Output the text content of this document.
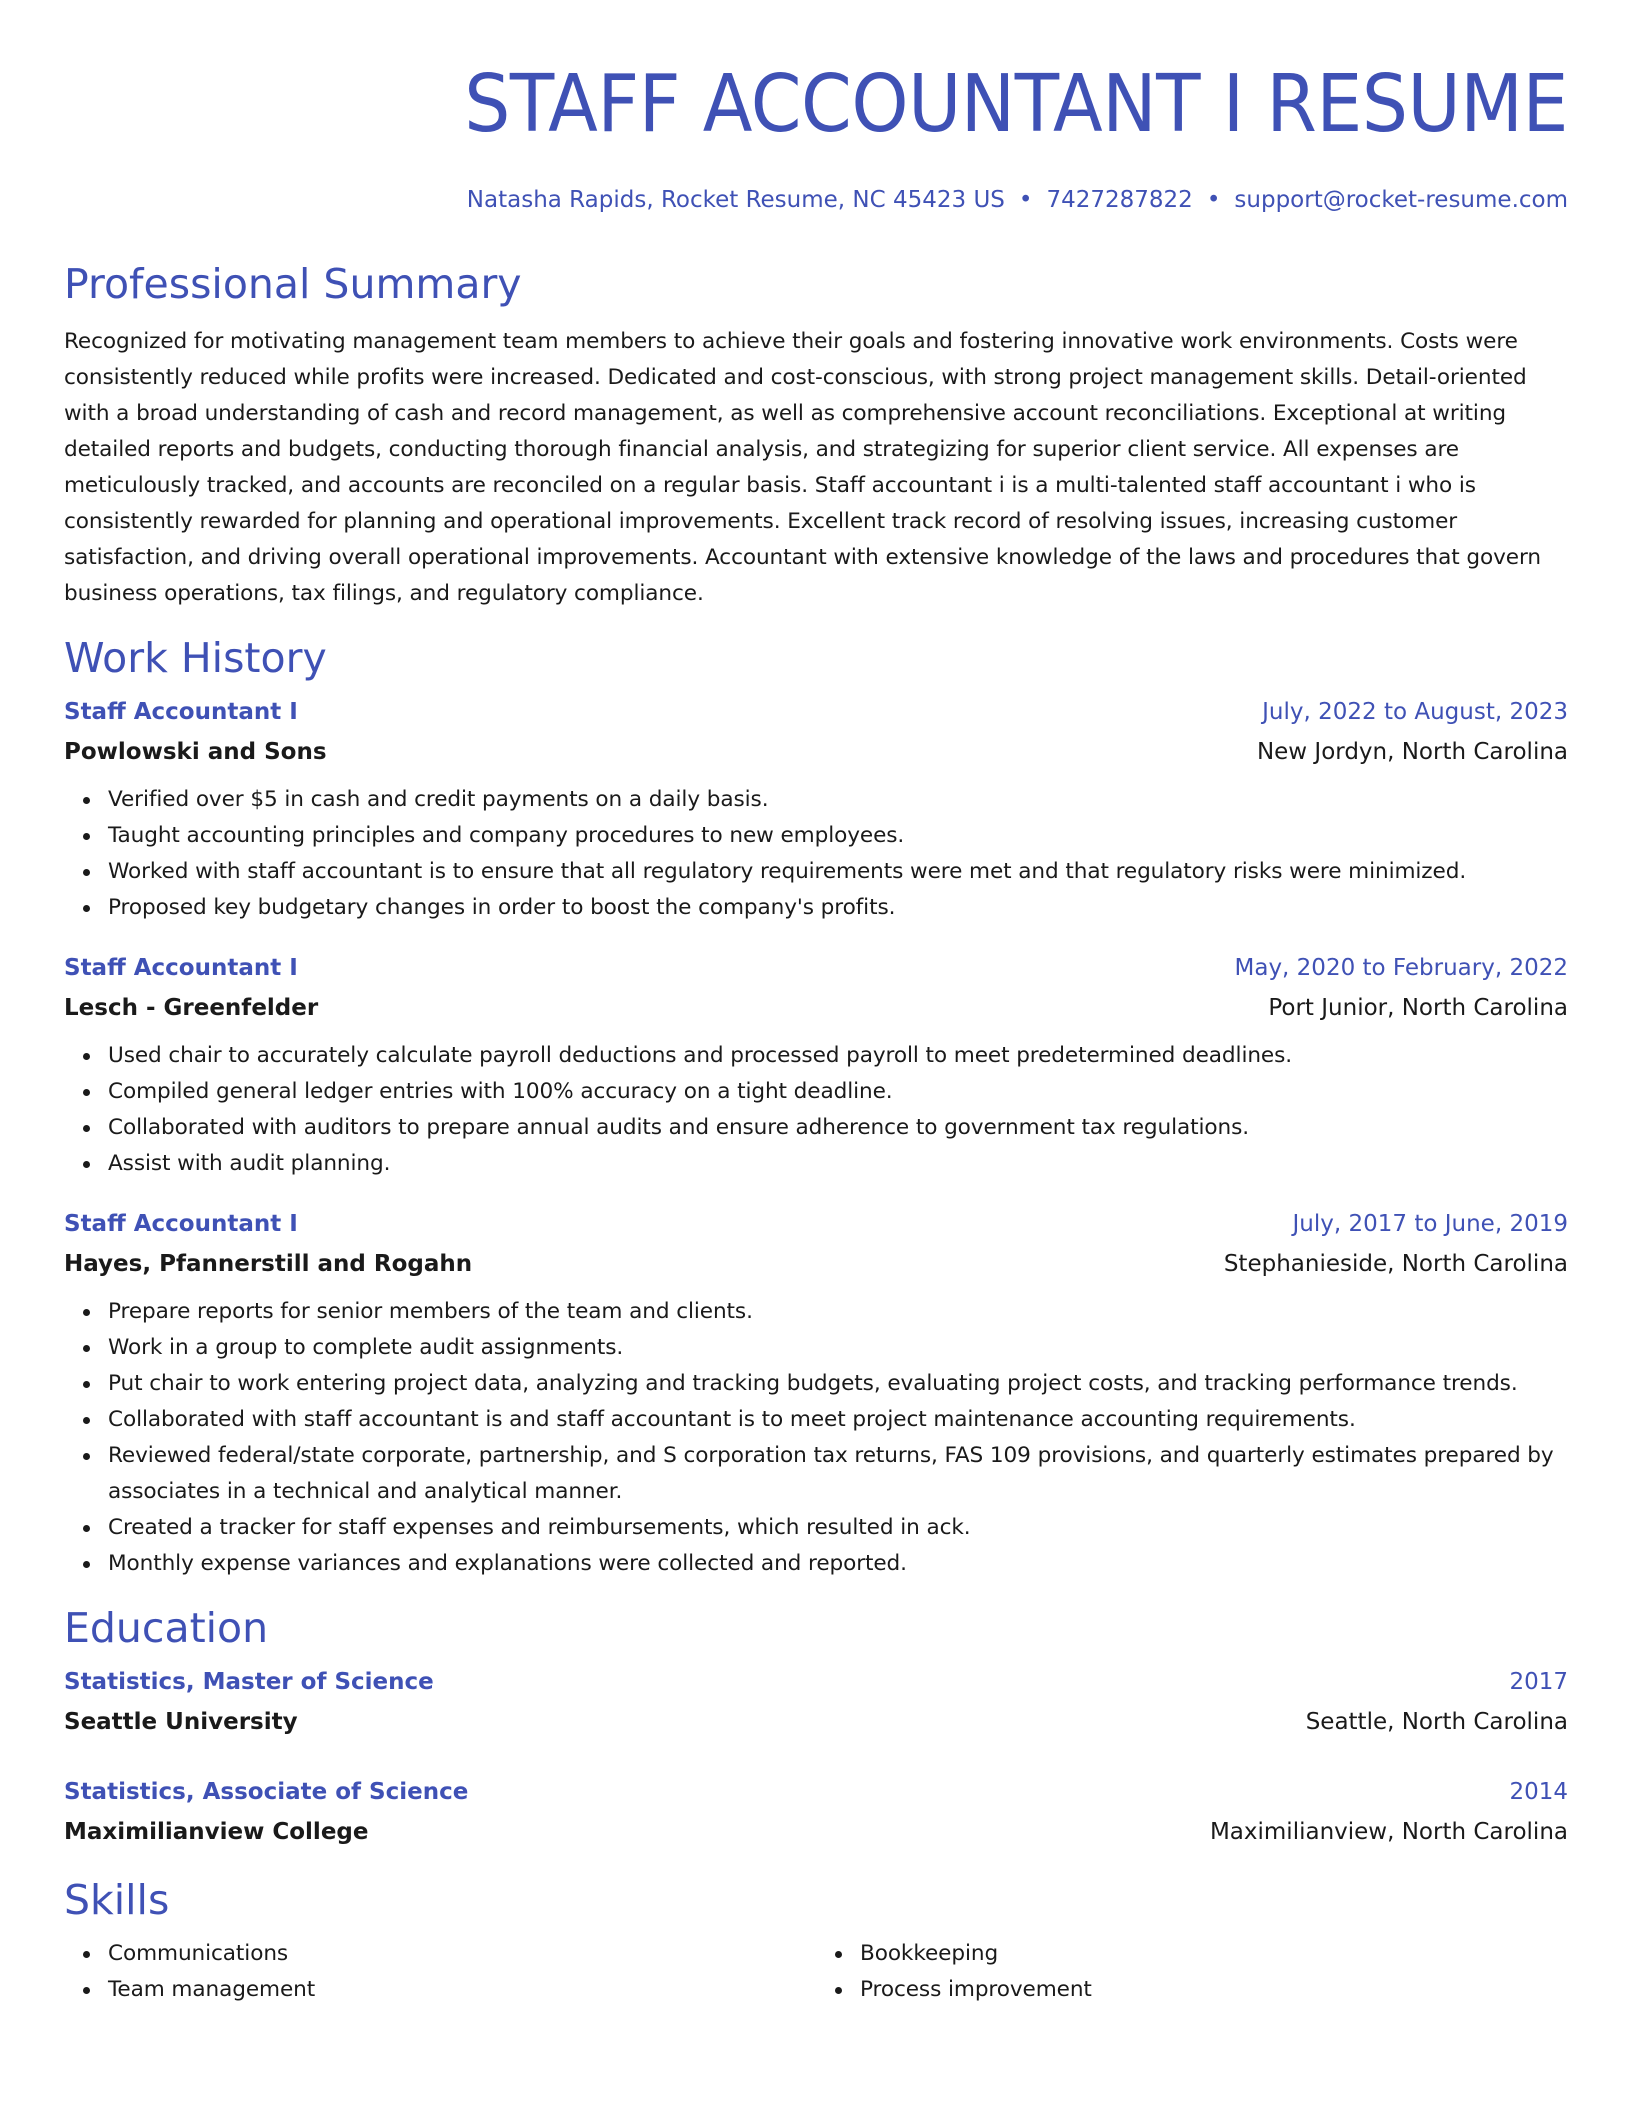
STAFF ACCOUNTANT I RESUME
Natasha Rapids, Rocket Resume, NC 45423 US • 7427287822 • support@rocket-resume.com
Professional Summary

Recognized for motivating management team members to achieve their goals and fostering innovative work environments. Costs were consistently reduced while profits were increased. Dedicated and cost-conscious, with strong project management skills. Detail-oriented with a broad understanding of cash and record management, as well as comprehensive account reconciliations. Exceptional at writing detailed reports and budgets, conducting thorough financial analysis, and strategizing for superior client service. All expenses are meticulously tracked, and accounts are reconciled on a regular basis. Staff accountant i is a multi-talented staff accountant i who is consistently rewarded for planning and operational improvements. Excellent track record of resolving issues, increasing customer satisfaction, and driving overall operational improvements. Accountant with extensive knowledge of the laws and procedures that govern business operations, tax filings, and regulatory compliance.

Work History
Staff Accountant I	July, 2022 to August, 2023
Powlowski and Sons	New Jordyn, North Carolina
Verified over $5 in cash and credit payments on a daily basis.
Taught accounting principles and company procedures to new employees.
Worked with staff accountant is to ensure that all regulatory requirements were met and that regulatory risks were minimized.
Proposed key budgetary changes in order to boost the company's profits.
Staff Accountant I	May, 2020 to February, 2022
Lesch - Greenfelder	Port Junior, North Carolina
Used chair to accurately calculate payroll deductions and processed payroll to meet predetermined deadlines.
Compiled general ledger entries with 100% accuracy on a tight deadline.
Collaborated with auditors to prepare annual audits and ensure adherence to government tax regulations.
Assist with audit planning.
Staff Accountant I	July, 2017 to June, 2019
Hayes, Pfannerstill and Rogahn	Stephanieside, North Carolina
Prepare reports for senior members of the team and clients.
Work in a group to complete audit assignments.
Put chair to work entering project data, analyzing and tracking budgets, evaluating project costs, and tracking performance trends.
Collaborated with staff accountant is and staff accountant is to meet project maintenance accounting requirements.
Reviewed federal/state corporate, partnership, and S corporation tax returns, FAS 109 provisions, and quarterly estimates prepared by associates in a technical and analytical manner.
Created a tracker for staff expenses and reimbursements, which resulted in ack.
Monthly expense variances and explanations were collected and reported.
Education
Statistics, Master of Science	2017
Seattle University	Seattle, North Carolina
Statistics, Associate of Science	2014
Maximilianview College	Maximilianview, North Carolina
Skills
Communications
Team management
Bookkeeping
Process improvement
